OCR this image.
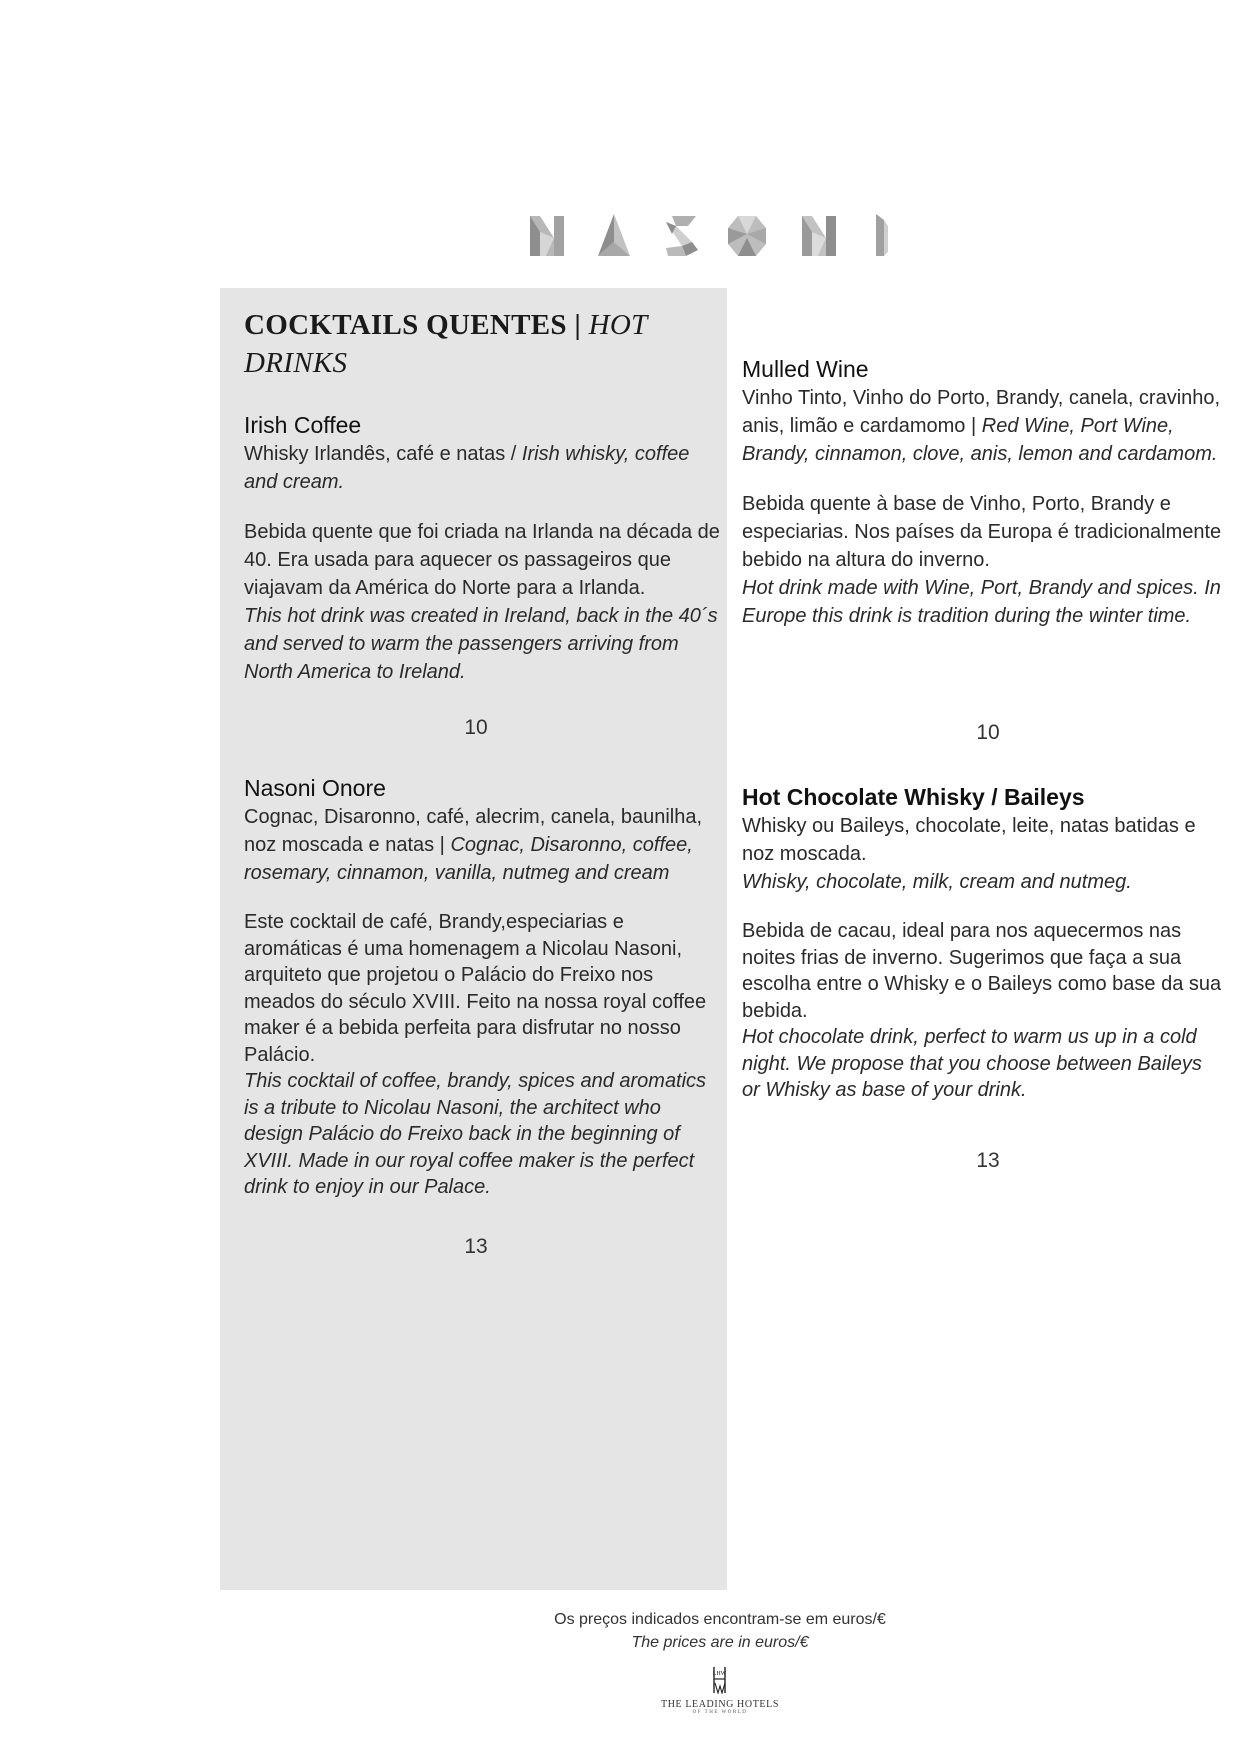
COCKTAILS QUENTES | HOT DRINKS
Irish Coffee

Whisky Irlandês, café e natas / Irish whisky, coffee and cream.

Bebida quente que foi criada na Irlanda na década de 40. Era usada para aquecer os passageiros que viajavam da América do Norte para a Irlanda.

This hot drink was created in Ireland, back in the 40´s and served to warm the passengers arriving from North America to Ireland.

10
Nasoni Onore

Cognac, Disaronno, café, alecrim, canela, baunilha, noz moscada e natas | Cognac, Disaronno, coffee, rosemary, cinnamon, vanilla, nutmeg and cream

Este cocktail de café, Brandy,especiarias e aromáticas é uma homenagem a Nicolau Nasoni, arquiteto que projetou o Palácio do Freixo nos meados do século XVIII. Feito na nossa royal coffee maker é a bebida perfeita para disfrutar no nosso Palácio.

This cocktail of coffee, brandy, spices and aromatics is a tribute to Nicolau Nasoni, the architect who design Palácio do Freixo back in the beginning of XVIII. Made in our royal coffee maker is the perfect drink to enjoy in our Palace.

13
Mulled Wine

Vinho Tinto, Vinho do Porto, Brandy, canela, cravinho, anis, limão e cardamomo | Red Wine, Port Wine, Brandy, cinnamon, clove, anis, lemon and cardamom.

Bebida quente à base de Vinho, Porto, Brandy e especiarias. Nos países da Europa é tradicionalmente bebido na altura do inverno.

Hot drink made with Wine, Port, Brandy and spices. In Europe this drink is tradition during the winter time.

10
Hot Chocolate Whisky / Baileys

Whisky ou Baileys, chocolate, leite, natas batidas e noz moscada.

Whisky, chocolate, milk, cream and nutmeg.

Bebida de cacau, ideal para nos aquecermos nas noites frias de inverno. Sugerimos que faça a sua escolha entre o Whisky e o Baileys como base da sua bebida.

Hot chocolate drink, perfect to warm us up in a cold night. We propose that you choose between Baileys or Whisky as base of your drink.

13
Os preços indicados encontram-se em euros/€
The prices are in euros/€
LHW
THE LEADING HOTELS
OF THE WORLD
